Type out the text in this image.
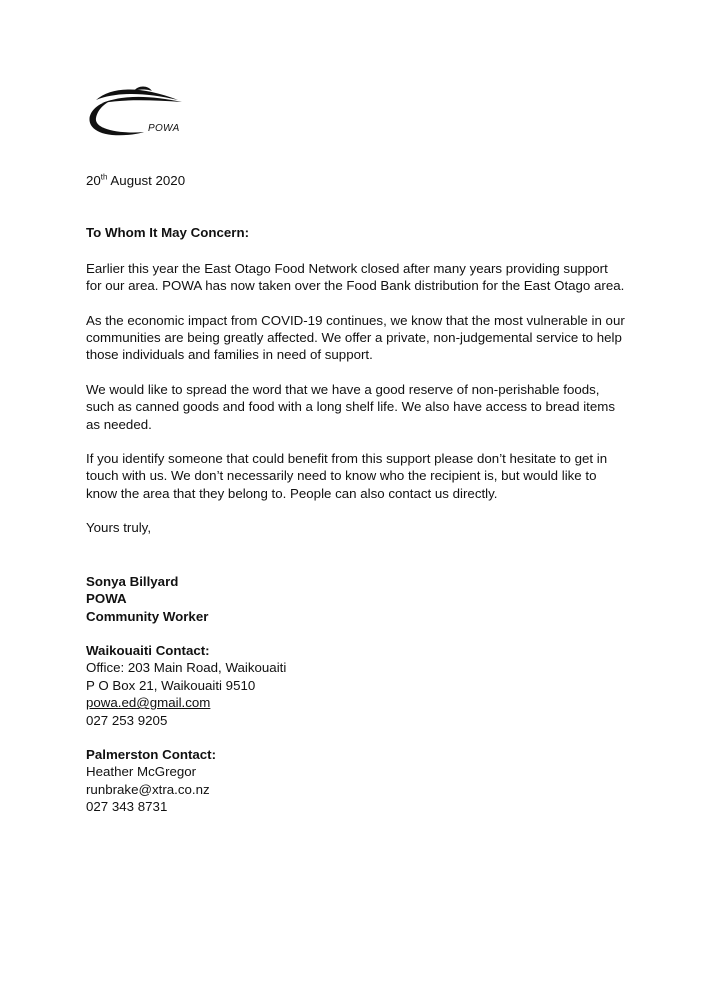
POWA

20th August 2020

To Whom It May Concern:

Earlier this year the East Otago Food Network closed after many years providing support for our area. POWA has now taken over the Food Bank distribution for the East Otago area.

As the economic impact from COVID-19 continues, we know that the most vulnerable in our communities are being greatly affected. We offer a private, non-judgemental service to help those individuals and families in need of support.

We would like to spread the word that we have a good reserve of non-perishable foods, such as canned goods and food with a long shelf life. We also have access to bread items as needed.

If you identify someone that could benefit from this support please don’t hesitate to get in touch with us. We don’t necessarily need to know who the recipient is, but would like to know the area that they belong to. People can also contact us directly.

Yours truly,

Sonya Billyard

POWA

Community Worker

Waikouaiti Contact:

Office: 203 Main Road, Waikouaiti

P O Box 21, Waikouaiti 9510

powa.ed@gmail.com

027 253 9205

Palmerston Contact:

Heather McGregor

runbrake@xtra.co.nz

027 343 8731
